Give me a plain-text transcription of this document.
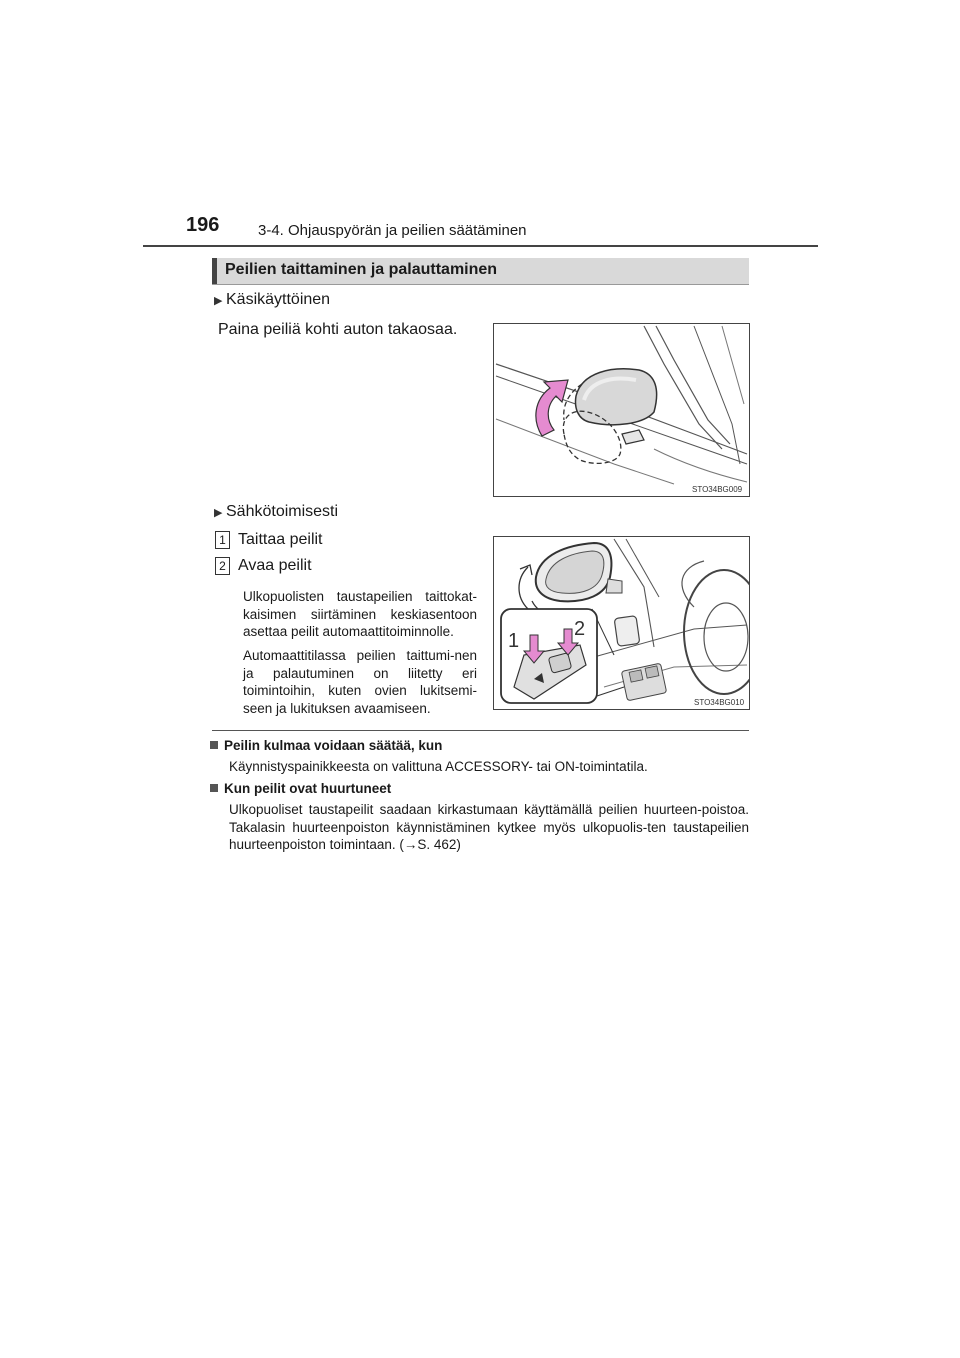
196	3-4. Ohjauspyörän ja peilien säätäminen
Peilien taittaminen ja palauttaminen
▶ Käsikäyttöinen
Paina peiliä kohti auton takaosaa.
STO34BG009
▶ Sähkötoimisesti
1 Taittaa peilit
2 Avaa peilit
Ulkopuolisten taustapeilien taittokat-kaisimen siirtäminen keskiasentoon asettaa peilit automaattitoiminnolle.
Automaattitilassa peilien taittumi-nen ja palautuminen on liitetty eri toimintoihin, kuten ovien lukitsemi-seen ja lukituksen avaamiseen.
1
2
STO34BG010
Peilin kulmaa voidaan säätää, kun
Käynnistyspainikkeesta on valittuna ACCESSORY- tai ON-toimintatila.
Kun peilit ovat huurtuneet
Ulkopuoliset taustapeilit saadaan kirkastumaan käyttämällä peilien huurteen-poistoa. Takalasin huurteenpoiston käynnistäminen kytkee myös ulkopuolis-ten taustapeilien huurteenpoiston toimintaan. (→S. 462)
